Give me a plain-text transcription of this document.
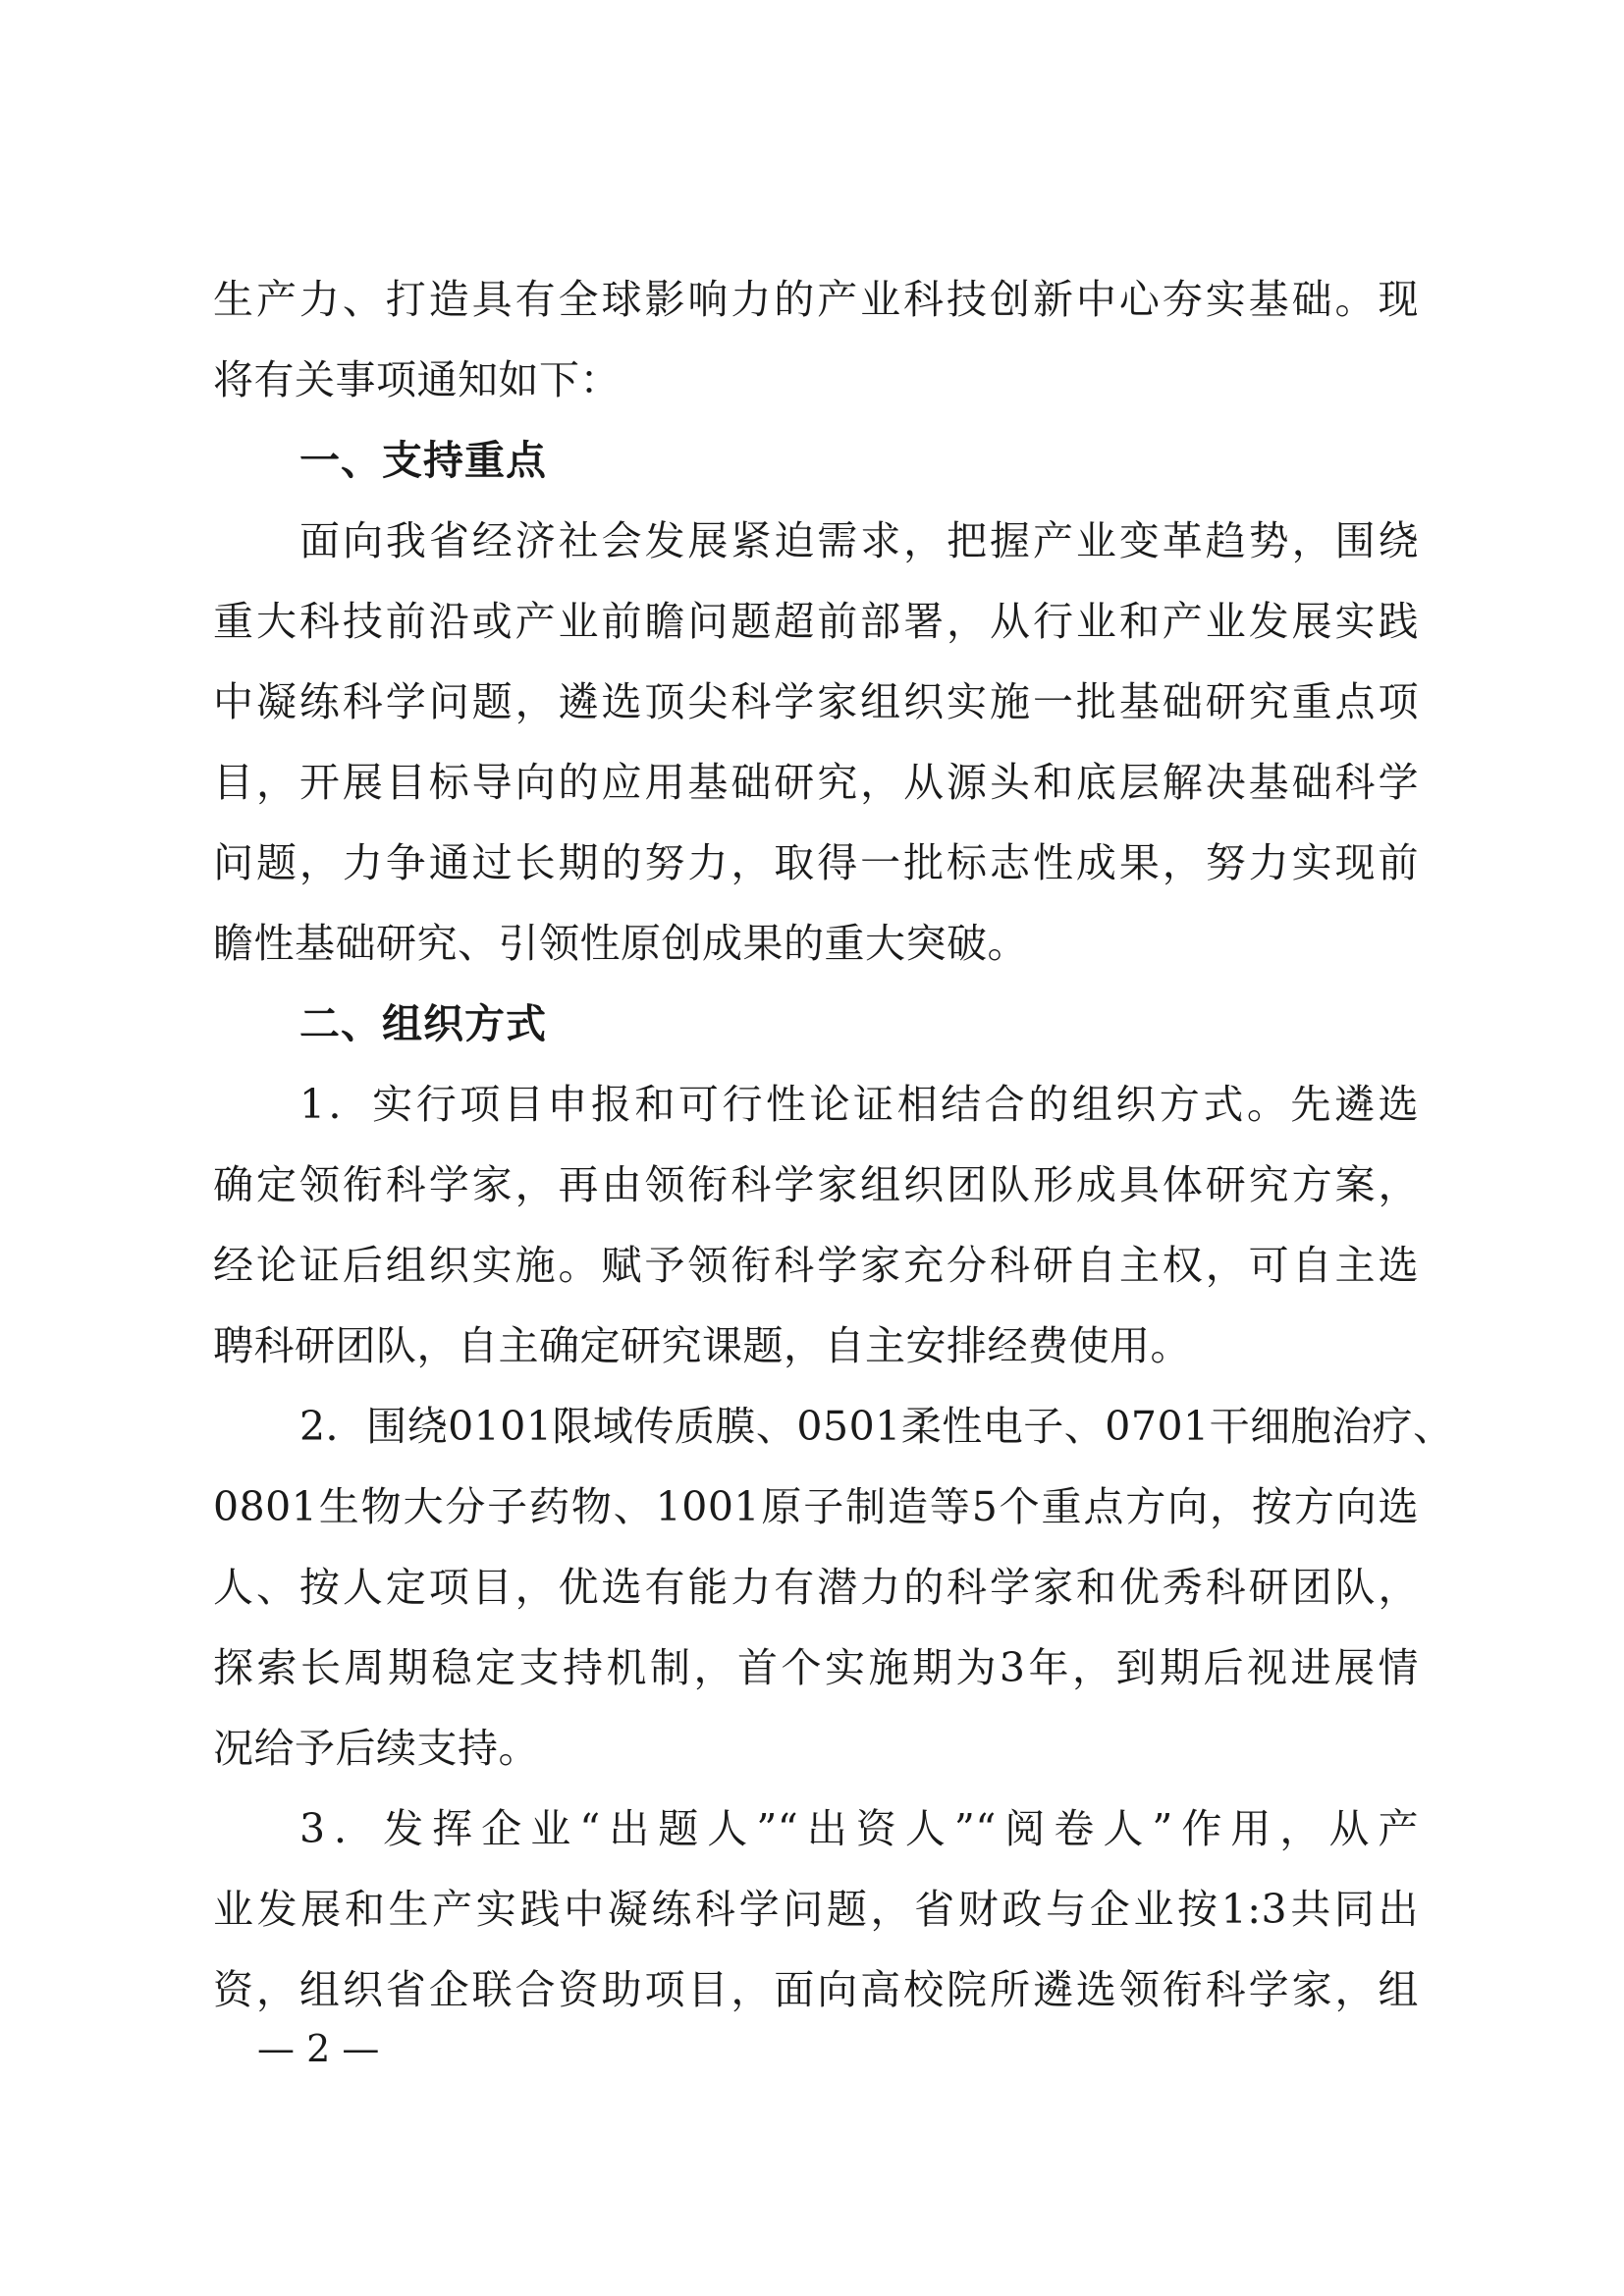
生产力、打造具有全球影响力的产业科技创新中心夯实基础。现
将有关事项通知如下：
一、支持重点
面向我省经济社会发展紧迫需求，把握产业变革趋势，围绕
重大科技前沿或产业前瞻问题超前部署，从行业和产业发展实践
中凝练科学问题，遴选顶尖科学家组织实施一批基础研究重点项
目，开展目标导向的应用基础研究，从源头和底层解决基础科学
问题，力争通过长期的努力，取得一批标志性成果，努力实现前
瞻性基础研究、引领性原创成果的重大突破。
二、组织方式
1．实行项目申报和可行性论证相结合的组织方式。先遴选
确定领衔科学家，再由领衔科学家组织团队形成具体研究方案，
经论证后组织实施。赋予领衔科学家充分科研自主权，可自主选
聘科研团队，自主确定研究课题，自主安排经费使用。
2．围绕0101限域传质膜、0501柔性电子、0701干细胞治疗、
0801生物大分子药物、1001原子制造等5个重点方向，按方向选
人、按人定项目，优选有能力有潜力的科学家和优秀科研团队，
探索长周期稳定支持机制，首个实施期为3年，到期后视进展情
况给予后续支持。
3．发挥企业“出题人”“出资人”“阅卷人”作用，从产
业发展和生产实践中凝练科学问题，省财政与企业按1:3共同出
资，组织省企联合资助项目，面向高校院所遴选领衔科学家，组
— 2 —
